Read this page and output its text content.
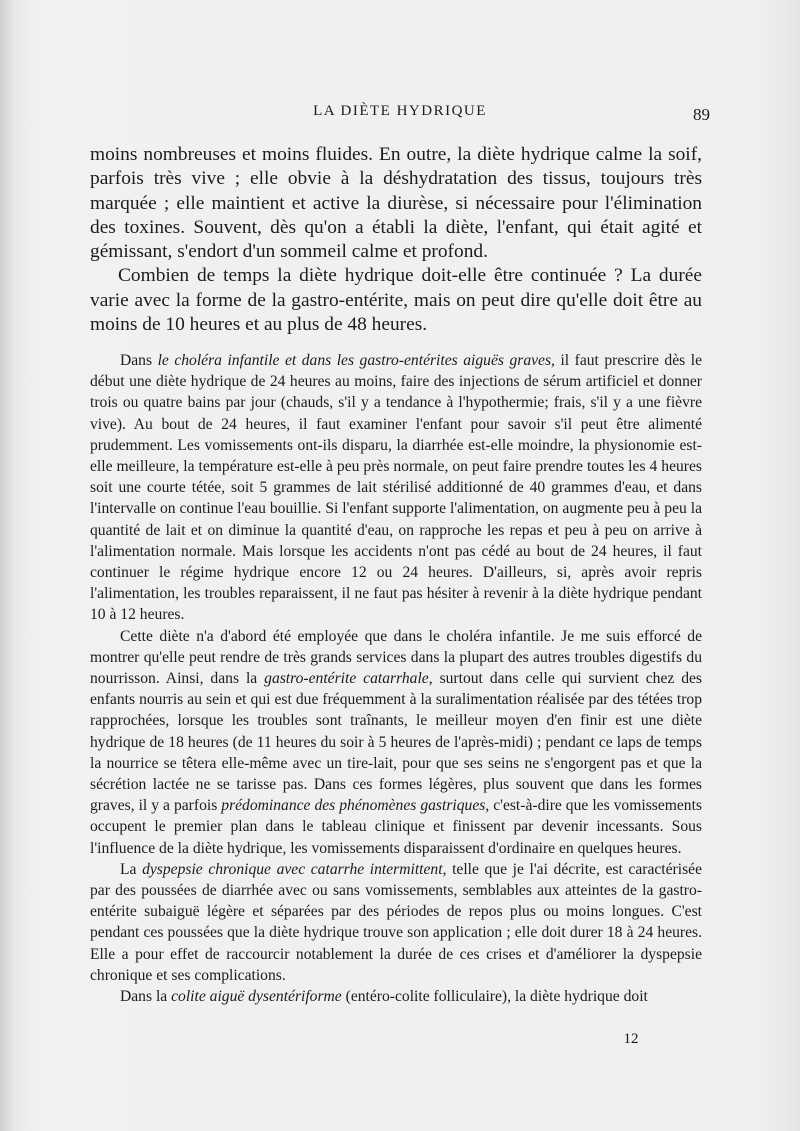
LA DIÈTE HYDRIQUE	89

moins nombreuses et moins fluides. En outre, la diète hydrique calme la soif, parfois très vive ; elle obvie à la déshydratation des tissus, toujours très marquée ; elle maintient et active la diurèse, si nécessaire pour l'élimination des toxines. Souvent, dès qu'on a établi la diète, l'enfant, qui était agité et gémissant, s'endort d'un sommeil calme et profond.

Combien de temps la diète hydrique doit-elle être continuée ? La durée varie avec la forme de la gastro-entérite, mais on peut dire qu'elle doit être au moins de 10 heures et au plus de 48 heures.

Dans le choléra infantile et dans les gastro-entérites aiguës graves, il faut prescrire dès le début une diète hydrique de 24 heures au moins, faire des injections de sérum artificiel et donner trois ou quatre bains par jour (chauds, s'il y a tendance à l'hypothermie; frais, s'il y a une fièvre vive). Au bout de 24 heures, il faut examiner l'enfant pour savoir s'il peut être alimenté prudemment. Les vomissements ont-ils disparu, la diarrhée est-elle moindre, la physionomie est-elle meilleure, la température est-elle à peu près normale, on peut faire prendre toutes les 4 heures soit une courte tétée, soit 5 grammes de lait stérilisé additionné de 40 grammes d'eau, et dans l'intervalle on continue l'eau bouillie. Si l'enfant supporte l'alimentation, on augmente peu à peu la quantité de lait et on diminue la quantité d'eau, on rapproche les repas et peu à peu on arrive à l'alimentation normale. Mais lorsque les accidents n'ont pas cédé au bout de 24 heures, il faut continuer le régime hydrique encore 12 ou 24 heures. D'ailleurs, si, après avoir repris l'alimentation, les troubles reparaissent, il ne faut pas hésiter à revenir à la diète hydrique pendant 10 à 12 heures.

Cette diète n'a d'abord été employée que dans le choléra infantile. Je me suis efforcé de montrer qu'elle peut rendre de très grands services dans la plupart des autres troubles digestifs du nourrisson. Ainsi, dans la gastro-entérite catarrhale, surtout dans celle qui survient chez des enfants nourris au sein et qui est due fréquemment à la suralimentation réalisée par des tétées trop rapprochées, lorsque les troubles sont traînants, le meilleur moyen d'en finir est une diète hydrique de 18 heures (de 11 heures du soir à 5 heures de l'après-midi) ; pendant ce laps de temps la nourrice se têtera elle-même avec un tire-lait, pour que ses seins ne s'engorgent pas et que la sécrétion lactée ne se tarisse pas. Dans ces formes légères, plus souvent que dans les formes graves, il y a parfois prédominance des phénomènes gastriques, c'est-à-dire que les vomissements occupent le premier plan dans le tableau clinique et finissent par devenir incessants. Sous l'influence de la diète hydrique, les vomissements disparaissent d'ordinaire en quelques heures.

La dyspepsie chronique avec catarrhe intermittent, telle que je l'ai décrite, est caractérisée par des poussées de diarrhée avec ou sans vomissements, semblables aux atteintes de la gastro-entérite subaiguë légère et séparées par des périodes de repos plus ou moins longues. C'est pendant ces poussées que la diète hydrique trouve son application ; elle doit durer 18 à 24 heures. Elle a pour effet de raccourcir notablement la durée de ces crises et d'améliorer la dyspepsie chronique et ses complications.

Dans la colite aiguë dysentériforme (entéro-colite folliculaire), la diète hydrique doit

12
